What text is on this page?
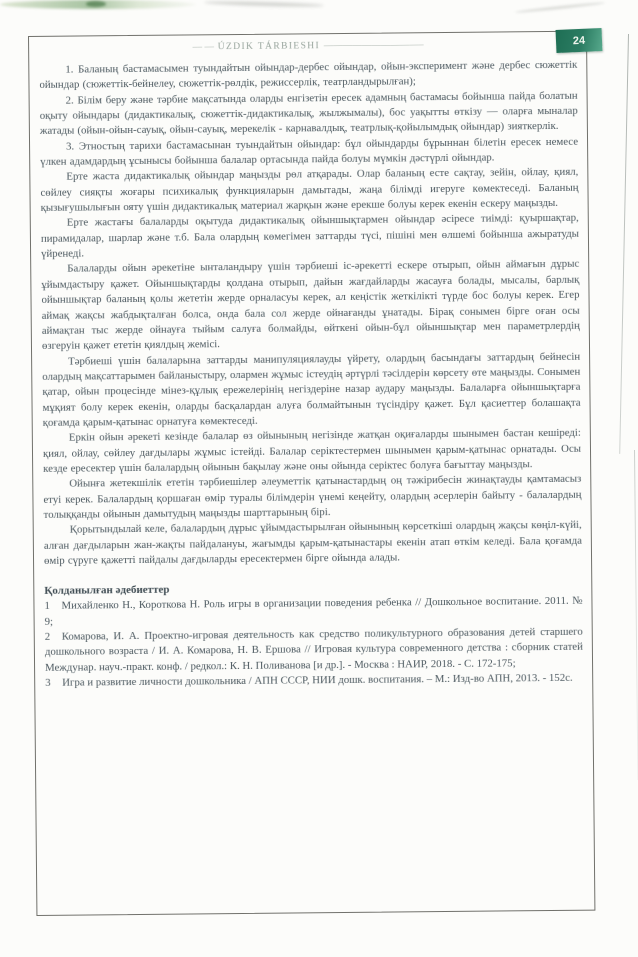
–– –– ÚZDIK TÁRBIESHI –––––––––––––––––––––

1. Баланың бастамасымен туындайтын ойындар-дербес ойындар, ойын-эксперимент және дербес сюжеттік ойындар (сюжеттік-бейнелеу, сюжеттік-рөлдік, режиссерлік, театрландырылған);

2. Білім беру және тәрбие мақсатында оларды енгізетін ересек адамның бастамасы бойынша пайда болатын оқыту ойындары (дидактикалық, сюжеттік-дидактикалық, жылжымалы), бос уақытты өткізу — оларға мыналар жатады (ойын-ойын-сауық, ойын-сауық, мерекелік - карнавалдық, театрлық-қойылымдық ойындар) зияткерлік.

3. Этностың тарихи бастамасынан туындайтын ойындар: бұл ойындарды бұрыннан білетін ересек немесе үлкен адамдардың ұсынысы бойынша балалар ортасында пайда болуы мүмкін дәстүрлі ойындар.

Ерте жаста дидактикалық ойындар маңызды рөл атқарады. Олар баланың есте сақтау, зейін, ойлау, қиял, сөйлеу сияқты жоғары психикалық функцияларын дамытады, жаңа білімді игеруге көмектеседі. Баланың қызығушылығын ояту үшін дидактикалық материал жарқын және ерекше болуы керек екенін ескеру маңызды.

Ерте жастағы балаларды оқытуда дидактикалық ойыншықтармен ойындар әсіресе тиімді: қуыршақтар, пирамидалар, шарлар және т.б. Бала олардың көмегімен заттарды түсі, пішіні мен өлшемі бойынша ажыратуды үйренеді.

Балаларды ойын әрекетіне ынталандыру үшін тәрбиеші іс-әрекетті ескере отырып, ойын аймағын дұрыс ұйымдастыру қажет. Ойыншықтарды қолдана отырып, дайын жағдайларды жасауға болады, мысалы, барлық ойыншықтар баланың қолы жететін жерде орналасуы керек, ал кеңістік жеткілікті түрде бос болуы керек. Егер аймақ жақсы жабдықталған болса, онда бала сол жерде ойнағанды ұнатады. Бірақ сонымен бірге оған осы аймақтан тыс жерде ойнауға тыйым салуға болмайды, өйткені ойын-бұл ойыншықтар мен параметрлердің өзгеруін қажет ететін қиялдың жемісі.

Тәрбиеші үшін балаларына заттарды манипуляциялауды үйрету, олардың басындағы заттардың бейнесін олардың мақсаттарымен байланыстыру, олармен жұмыс істеудің әртүрлі тәсілдерін көрсету өте маңызды. Сонымен қатар, ойын процесінде мінез-құлық ережелерінің негіздеріне назар аудару маңызды. Балаларға ойыншықтарға мұқият болу керек екенін, оларды басқалардан алуға болмайтынын түсіндіру қажет. Бұл қасиеттер болашақта қоғамда қарым-қатынас орнатуға көмектеседі.

Еркін ойын әрекеті кезінде балалар өз ойынының негізінде жатқан оқиғаларды шынымен бастан кешіреді: қиял, ойлау, сөйлеу дағдылары жұмыс істейді. Балалар серіктестермен шынымен қарым-қатынас орнатады. Осы кезде ересектер үшін балалардың ойынын бақылау және оны ойында серіктес болуға бағыттау маңызды.

Ойынға жетекшілік ететін тәрбиешілер әлеуметтік қатынастардың оң тәжірибесін жинақтауды қамтамасыз етуі керек. Балалардың қоршаған өмір туралы білімдерін үнемі кеңейту, олардың әсерлерін байыту - балалардың толыққанды ойынын дамытудың маңызды шарттарының бірі.

Қорытындылай келе, балалардың дұрыс ұйымдастырылған ойынының көрсеткіші олардың жақсы көңіл-күйі, алған дағдыларын жан-жақты пайдалануы, жағымды қарым-қатынастары екенін атап өткім келеді. Бала қоғамда өмір сүруге қажетті пайдалы дағдыларды ересектермен бірге ойында алады.

Қолданылған әдебиеттер

1 Михайленко Н., Короткова Н. Роль игры в организации поведения ребенка // Дошкольное воспитание. 2011. № 9;

2 Комарова, И. А. Проектно-игровая деятельность как средство поликультурного образования детей старшего дошкольного возраста / И. А. Комарова, Н. В. Ершова // Игровая культура современного детства : сборник статей Междунар. науч.-практ. конф. / редкол.: К. Н. Поливанова [и др.]. - Москва : НАИР, 2018. - С. 172-175;

3 Игра и развитие личности дошкольника / АПН СССР, НИИ дошк. воспитания. – М.: Изд-во АПН, 2013. - 152с.

24
